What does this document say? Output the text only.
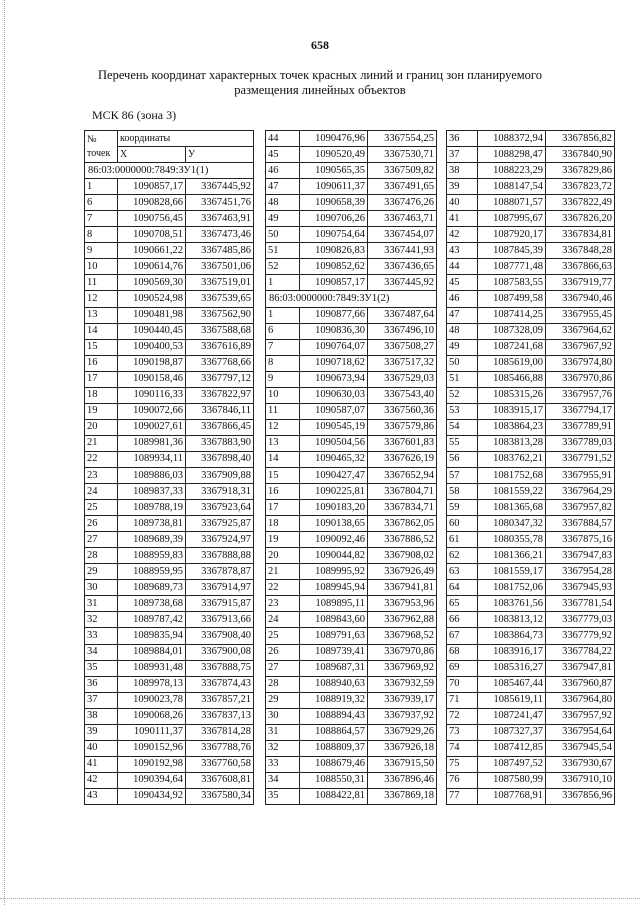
658
Перечень координат характерных точек красных линий и границ зон планируемого
размещения линейных объектов
МСК 86 (зона 3)
№ точек	координаты	
	Х	У
86:03:0000000:7849:ЗУ1(1)		
1	1090857,17	3367445,92
6	1090828,66	3367451,76
7	1090756,45	3367463,91
8	1090708,51	3367473,46
9	1090661,22	3367485,86
10	1090614,76	3367501,06
11	1090569,30	3367519,01
12	1090524,98	3367539,65
13	1090481,98	3367562,90
14	1090440,45	3367588,68
15	1090400,53	3367616,89
16	1090198,87	3367768,66
17	1090158,46	3367797,12
18	1090116,33	3367822,97
19	1090072,66	3367846,11
20	1090027,61	3367866,45
21	1089981,36	3367883,90
22	1089934,11	3367898,40
23	1089886,03	3367909,88
24	1089837,33	3367918,31
25	1089788,19	3367923,64
26	1089738,81	3367925,87
27	1089689,39	3367924,97
28	1088959,83	3367888,88
29	1088959,95	3367878,87
30	1089689,73	3367914,97
31	1089738,68	3367915,87
32	1089787,42	3367913,66
33	1089835,94	3367908,40
34	1089884,01	3367900,08
35	1089931,48	3367888,75
36	1089978,13	3367874,43
37	1090023,78	3367857,21
38	1090068,26	3367837,13
39	1090111,37	3367814,28
40	1090152,96	3367788,76
41	1090192,98	3367760,58
42	1090394,64	3367608,81
43	1090434,92	3367580,34
44	1090476,96	3367554,25
45	1090520,49	3367530,71
46	1090565,35	3367509,82
47	1090611,37	3367491,65
48	1090658,39	3367476,26
49	1090706,26	3367463,71
50	1090754,64	3367454,07
51	1090826,83	3367441,93
52	1090852,62	3367436,65
1	1090857,17	3367445,92
86:03:0000000:7849:ЗУ1(2)		
1	1090877,66	3367487,64
6	1090836,30	3367496,10
7	1090764,07	3367508,27
8	1090718,62	3367517,32
9	1090673,94	3367529,03
10	1090630,03	3367543,40
11	1090587,07	3367560,36
12	1090545,19	3367579,86
13	1090504,56	3367601,83
14	1090465,32	3367626,19
15	1090427,47	3367652,94
16	1090225,81	3367804,71
17	1090183,20	3367834,71
18	1090138,65	3367862,05
19	1090092,46	3367886,52
20	1090044,82	3367908,02
21	1089995,92	3367926,49
22	1089945,94	3367941,81
23	1089895,11	3367953,96
24	1089843,60	3367962,88
25	1089791,63	3367968,52
26	1089739,41	3367970,86
27	1089687,31	3367969,92
28	1088940,63	3367932,59
29	1088919,32	3367939,17
30	1088894,43	3367937,92
31	1088864,57	3367929,26
32	1088809,37	3367926,18
33	1088679,46	3367915,50
34	1088550,31	3367896,46
35	1088422,81	3367869,18
36	1088372,94	3367856,82
37	1088298,47	3367840,90
38	1088223,29	3367829,86
39	1088147,54	3367823,72
40	1088071,57	3367822,49
41	1087995,67	3367826,20
42	1087920,17	3367834,81
43	1087845,39	3367848,28
44	1087771,48	3367866,63
45	1087583,55	3367919,77
46	1087499,58	3367940,46
47	1087414,25	3367955,45
48	1087328,09	3367964,62
49	1087241,68	3367967,92
50	1085619,00	3367974,80
51	1085466,88	3367970,86
52	1085315,26	3367957,76
53	1083915,17	3367794,17
54	1083864,23	3367789,91
55	1083813,28	3367789,03
56	1083762,21	3367791,52
57	1081752,68	3367955,91
58	1081559,22	3367964,29
59	1081365,68	3367957,82
60	1080347,32	3367884,57
61	1080355,78	3367875,16
62	1081366,21	3367947,83
63	1081559,17	3367954,28
64	1081752,06	3367945,93
65	1083761,56	3367781,54
66	1083813,12	3367779,03
67	1083864,73	3367779,92
68	1083916,17	3367784,22
69	1085316,27	3367947,81
70	1085467,44	3367960,87
71	1085619,11	3367964,80
72	1087241,47	3367957,92
73	1087327,37	3367954,64
74	1087412,85	3367945,54
75	1087497,52	3367930,67
76	1087580,99	3367910,10
77	1087768,91	3367856,96
